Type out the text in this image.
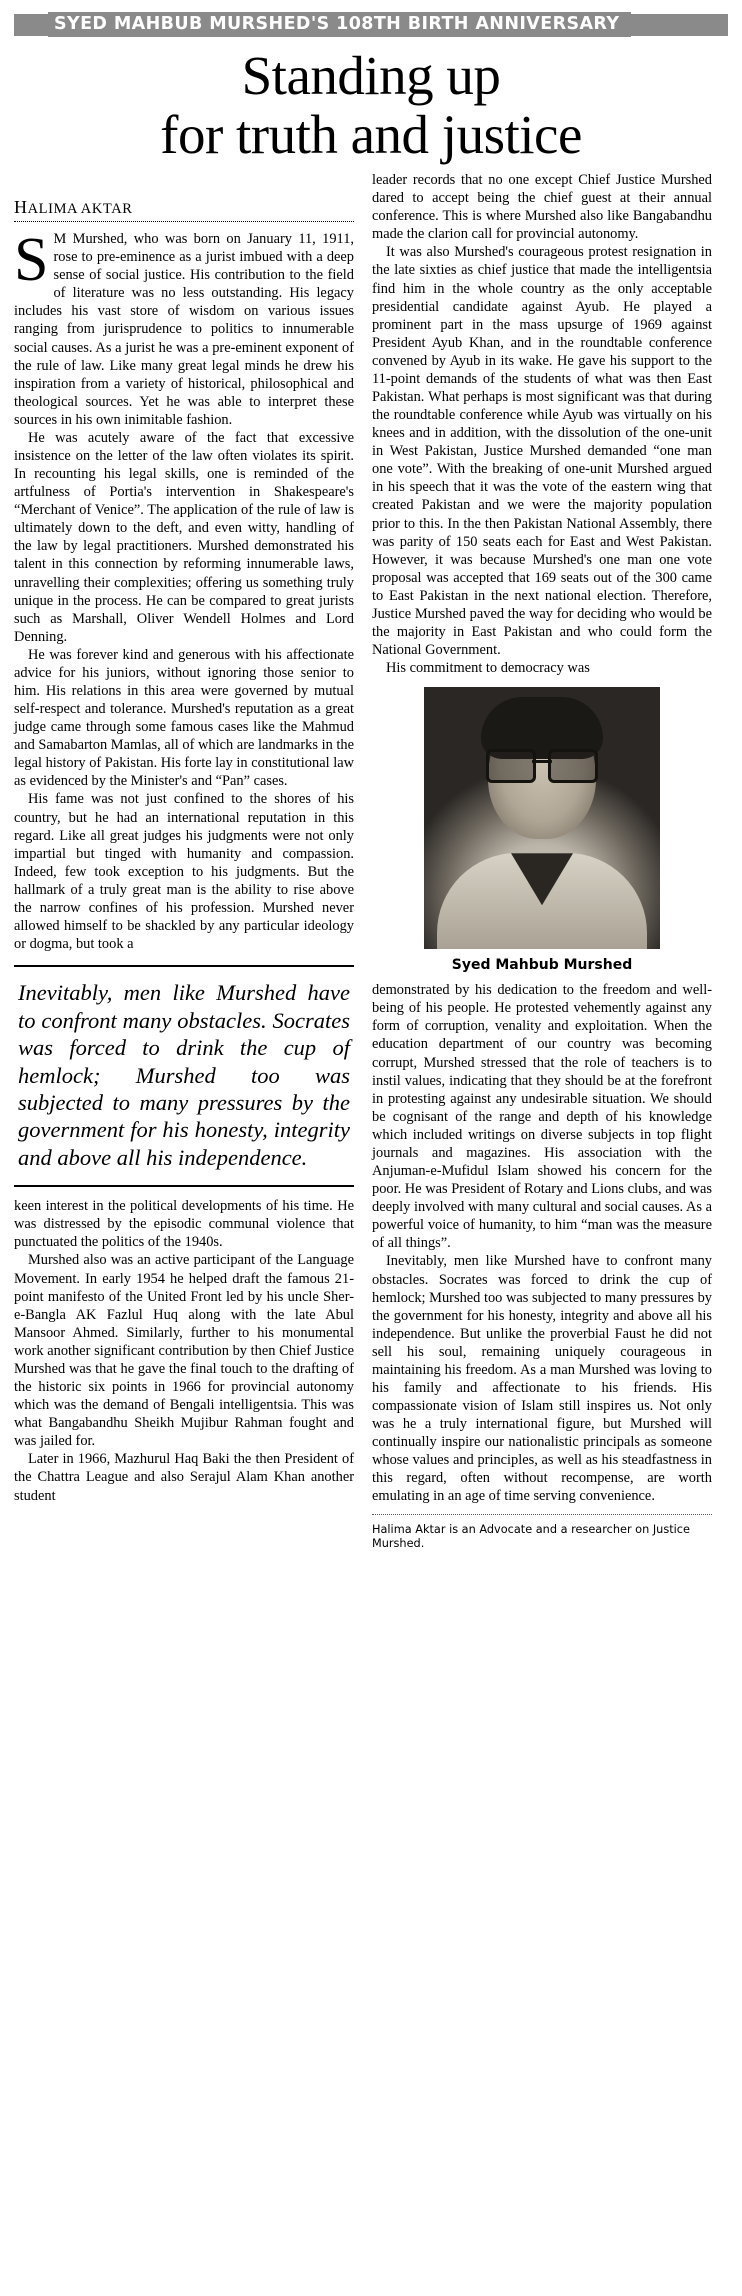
SYED MAHBUB MURSHED'S 108TH BIRTH ANNIVERSARY
Standing up
for truth and justice
HALIMA AKTAR

S M Murshed, who was born on January 11, 1911, rose to pre-eminence as a jurist imbued with a deep sense of social justice. His contribution to the field of literature was no less outstanding. His legacy includes his vast store of wisdom on various issues ranging from jurisprudence to politics to innumerable social causes. As a jurist he was a pre-eminent exponent of the rule of law. Like many great legal minds he drew his inspiration from a variety of historical, philosophical and theological sources. Yet he was able to interpret these sources in his own inimitable fashion.

He was acutely aware of the fact that excessive insistence on the letter of the law often violates its spirit. In recounting his legal skills, one is reminded of the artfulness of Portia's intervention in Shakespeare's “Merchant of Venice”. The application of the rule of law is ultimately down to the deft, and even witty, handling of the law by legal practitioners. Murshed demonstrated his talent in this connection by reforming innumerable laws, unravelling their complexities; offering us something truly unique in the process. He can be compared to great jurists such as Marshall, Oliver Wendell Holmes and Lord Denning.

He was forever kind and generous with his affectionate advice for his juniors, without ignoring those senior to him. His relations in this area were governed by mutual self-respect and tolerance. Murshed's reputation as a great judge came through some famous cases like the Mahmud and Samabarton Mamlas, all of which are landmarks in the legal history of Pakistan. His forte lay in constitutional law as evidenced by the Minister's and “Pan” cases.

His fame was not just confined to the shores of his country, but he had an international reputation in this regard. Like all great judges his judgments were not only impartial but tinged with humanity and compassion. Indeed, few took exception to his judgments. But the hallmark of a truly great man is the ability to rise above the narrow confines of his profession. Murshed never allowed himself to be shackled by any particular ideology or dogma, but took a

Inevitably, men like Murshed have to confront many obstacles. Socrates was forced to drink the cup of hemlock; Murshed too was subjected to many pressures by the government for his honesty, integrity and above all his independence.

keen interest in the political developments of his time. He was distressed by the episodic communal violence that punctuated the politics of the 1940s.

Murshed also was an active participant of the Language Movement. In early 1954 he helped draft the famous 21-point manifesto of the United Front led by his uncle Sher-e-Bangla AK Fazlul Huq along with the late Abul Mansoor Ahmed. Similarly, further to his monumental work another significant contribution by then Chief Justice Murshed was that he gave the final touch to the drafting of the historic six points in 1966 for provincial autonomy which was the demand of Bengali intelligentsia. This was what Bangabandhu Sheikh Mujibur Rahman fought and was jailed for.

Later in 1966, Mazhurul Haq Baki the then President of the Chattra League and also Serajul Alam Khan another student

leader records that no one except Chief Justice Murshed dared to accept being the chief guest at their annual conference. This is where Murshed also like Bangabandhu made the clarion call for provincial autonomy.

It was also Murshed's courageous protest resignation in the late sixties as chief justice that made the intelligentsia find him in the whole country as the only acceptable presidential candidate against Ayub. He played a prominent part in the mass upsurge of 1969 against President Ayub Khan, and in the roundtable conference convened by Ayub in its wake. He gave his support to the 11-point demands of the students of what was then East Pakistan. What perhaps is most significant was that during the roundtable conference while Ayub was virtually on his knees and in addition, with the dissolution of the one-unit in West Pakistan, Justice Murshed demanded “one man one vote”. With the breaking of one-unit Murshed argued in his speech that it was the vote of the eastern wing that created Pakistan and we were the majority population prior to this. In the then Pakistan National Assembly, there was parity of 150 seats each for East and West Pakistan. However, it was because Murshed's one man one vote proposal was accepted that 169 seats out of the 300 came to East Pakistan in the next national election. Therefore, Justice Murshed paved the way for deciding who would be the majority in East Pakistan and who could form the National Government.

His commitment to democracy was

Syed Mahbub Murshed

demonstrated by his dedication to the freedom and well-being of his people. He protested vehemently against any form of corruption, venality and exploitation. When the education department of our country was becoming corrupt, Murshed stressed that the role of teachers is to instil values, indicating that they should be at the forefront in protesting against any undesirable situation. We should be cognisant of the range and depth of his knowledge which included writings on diverse subjects in top flight journals and magazines. His association with the Anjuman-e-Mufidul Islam showed his concern for the poor. He was President of Rotary and Lions clubs, and was deeply involved with many cultural and social causes. As a powerful voice of humanity, to him “man was the measure of all things”.

Inevitably, men like Murshed have to confront many obstacles. Socrates was forced to drink the cup of hemlock; Murshed too was subjected to many pressures by the government for his honesty, integrity and above all his independence. But unlike the proverbial Faust he did not sell his soul, remaining uniquely courageous in maintaining his freedom. As a man Murshed was loving to his family and affectionate to his friends. His compassionate vision of Islam still inspires us. Not only was he a truly international figure, but Murshed will continually inspire our nationalistic principals as someone whose values and principles, as well as his steadfastness in this regard, often without recompense, are worth emulating in an age of time serving convenience.

Halima Aktar is an Advocate and a researcher on Justice Murshed.
